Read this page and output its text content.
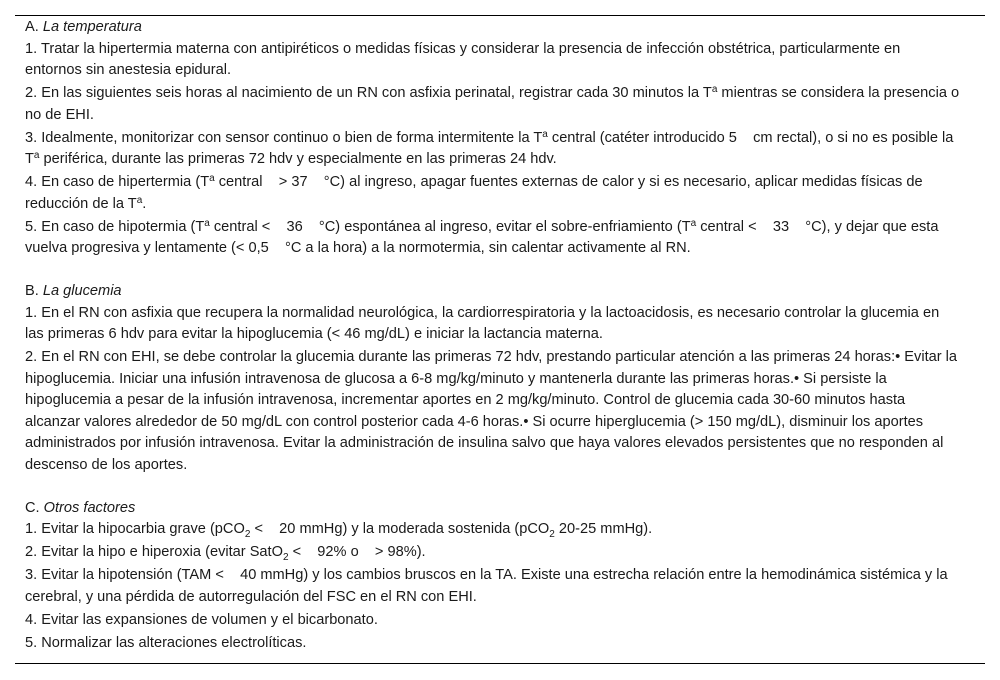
A. La temperatura
1. Tratar la hipertermia materna con antipiréticos o medidas físicas y considerar la presencia de infección obstétrica, particularmente en entornos sin anestesia epidural.
2. En las siguientes seis horas al nacimiento de un RN con asfixia perinatal, registrar cada 30 minutos la $T^a$ mientras se considera la presencia o no de EHI.
3. Idealmente, monitorizar con sensor continuo o bien de forma intermitente la $T^a$ central (catéter introducido 5    cm rectal), o si no es posible la $T^a$ periférica, durante las primeras 72 hdv y especialmente en las primeras 24 hdv.
4. En caso de hipertermia ($T^a$ central    > 37    °C) al ingreso, apagar fuentes externas de calor y si es necesario, aplicar medidas físicas de reducción de la $T^a$.
5. En caso de hipotermia ($T^a$ central <    36    °C) espontánea al ingreso, evitar el sobre-enfriamiento ($T^a$ central <    33    °C), y dejar que esta vuelva progresiva y lentamente (< 0,5    °C a la hora) a la normotermia, sin calentar activamente al RN.
B. La glucemia
1. En el RN con asfixia que recupera la normalidad neurológica, la cardiorrespiratoria y la lactoacidosis, es necesario controlar la glucemia en las primeras 6 hdv para evitar la hipoglucemia (< 46 mg/dL) e iniciar la lactancia materna.
2. En el RN con EHI, se debe controlar la glucemia durante las primeras 72 hdv, prestando particular atención a las primeras 24 horas:• Evitar la hipoglucemia. Iniciar una infusión intravenosa de glucosa a 6-8 mg/kg/minuto y mantenerla durante las primeras horas.• Si persiste la hipoglucemia a pesar de la infusión intravenosa, incrementar aportes en 2 mg/kg/minuto. Control de glucemia cada 30-60 minutos hasta alcanzar valores alrededor de 50 mg/dL con control posterior cada 4-6 horas.• Si ocurre hiperglucemia (> 150 mg/dL), disminuir los aportes administrados por infusión intravenosa. Evitar la administración de insulina salvo que haya valores elevados persistentes que no responden al descenso de los aportes.
C. Otros factores
1. Evitar la hipocarbia grave (pCO$_2$ <    20 mmHg) y la moderada sostenida (pCO$_2$ 20-25 mmHg).
2. Evitar la hipo e hiperoxia (evitar SatO$_2$ <    92% o    > 98%).
3. Evitar la hipotensión (TAM <    40 mmHg) y los cambios bruscos en la TA. Existe una estrecha relación entre la hemodinámica sistémica y la cerebral, y una pérdida de autorregulación del FSC en el RN con EHI.
4. Evitar las expansiones de volumen y el bicarbonato.
5. Normalizar las alteraciones electrolíticas.
